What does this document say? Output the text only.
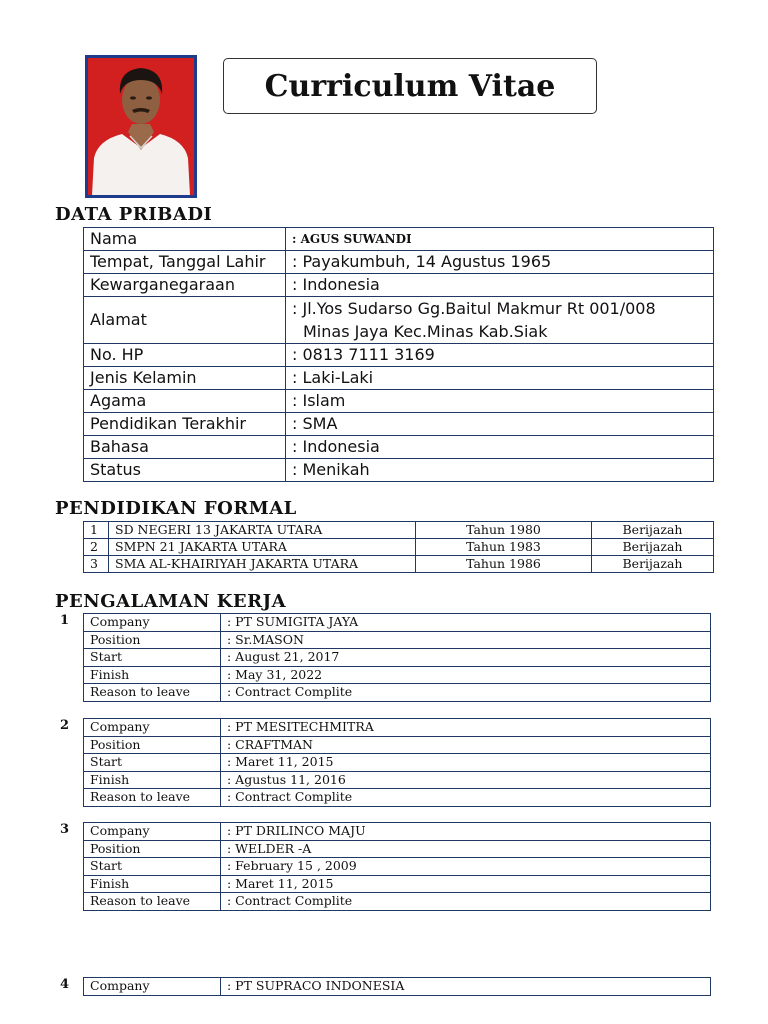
Curriculum Vitae
DATA PRIBADI
Nama	: AGUS SUWANDI
Tempat, Tanggal Lahir	: Payakumbuh, 14 Agustus 1965
Kewarganegaraan	: Indonesia
Alamat	: Jl.Yos Sudarso Gg.Baitul Makmur Rt 001/008
Minas Jaya Kec.Minas Kab.Siak

No. HP	: 0813 7111 3169
Jenis Kelamin	: Laki-Laki
Agama	: Islam
Pendidikan Terakhir	: SMA
Bahasa	: Indonesia
Status	: Menikah
PENDIDIKAN FORMAL
1	SD NEGERI 13 JAKARTA UTARA	Tahun 1980	Berijazah
2	SMPN 21 JAKARTA UTARA	Tahun 1983	Berijazah
3	SMA AL-KHAIRIYAH JAKARTA UTARA	Tahun 1986	Berijazah
PENGALAMAN KERJA
1 Company	: PT SUMIGITA JAYA
Position	: Sr.MASON
Start	: August 21, 2017
Finish	: May 31, 2022
Reason to leave	: Contract Complite
2 Company	: PT MESITECHMITRA
Position	: CRAFTMAN
Start	: Maret 11, 2015
Finish	: Agustus 11, 2016
Reason to leave	: Contract Complite
3 Company	: PT DRILINCO MAJU
Position	: WELDER -A
Start	: February 15 , 2009
Finish	: Maret 11, 2015
Reason to leave	: Contract Complite
4 Company	: PT SUPRACO INDONESIA
